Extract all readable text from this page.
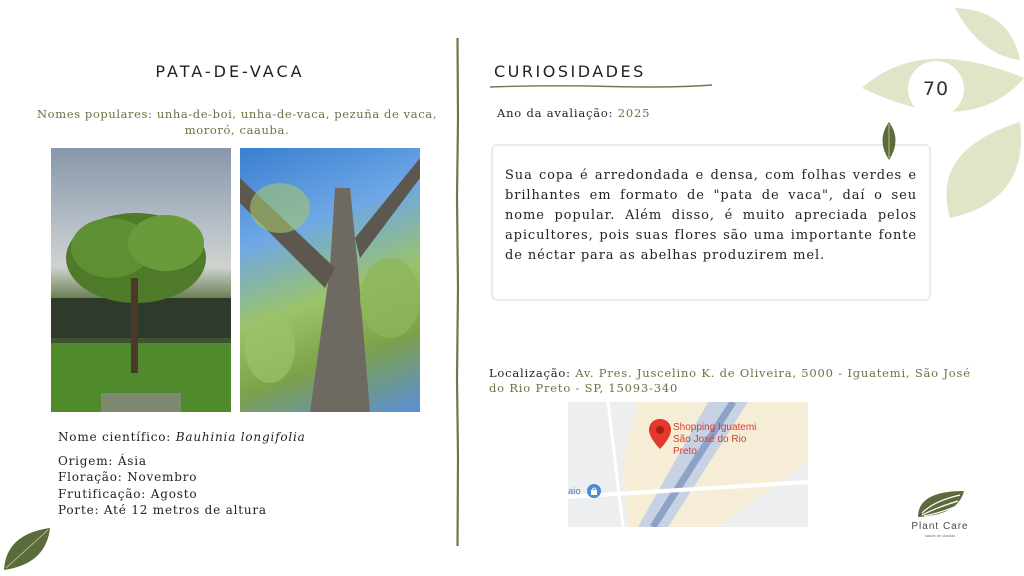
PATA-DE-VACA
Nomes populares: unha-de-boi, unha-de-vaca, pezuña de vaca, mororó, caauba.
Nome científico: Bauhinia longifolia
Origem: Ásia
Floração: Novembro
Frutificação: Agosto
Porte: Até 12 metros de altura
CURIOSIDADES
Ano da avaliação: 2025

Sua copa é arredondada e densa, com folhas verdes e brilhantes em formato de "pata de vaca", daí o seu nome popular. Além disso, é muito apreciada pelos apicultores, pois suas flores são uma importante fonte de néctar para as abelhas produzirem mel.

Localização: Av. Pres. Juscelino K. de Oliveira, 5000 - Iguatemi, São José do Rio Preto - SP, 15093-340
Shopping Iguatemi São José do Rio Preto
aio
70
Plant Care
saúde de plantas
